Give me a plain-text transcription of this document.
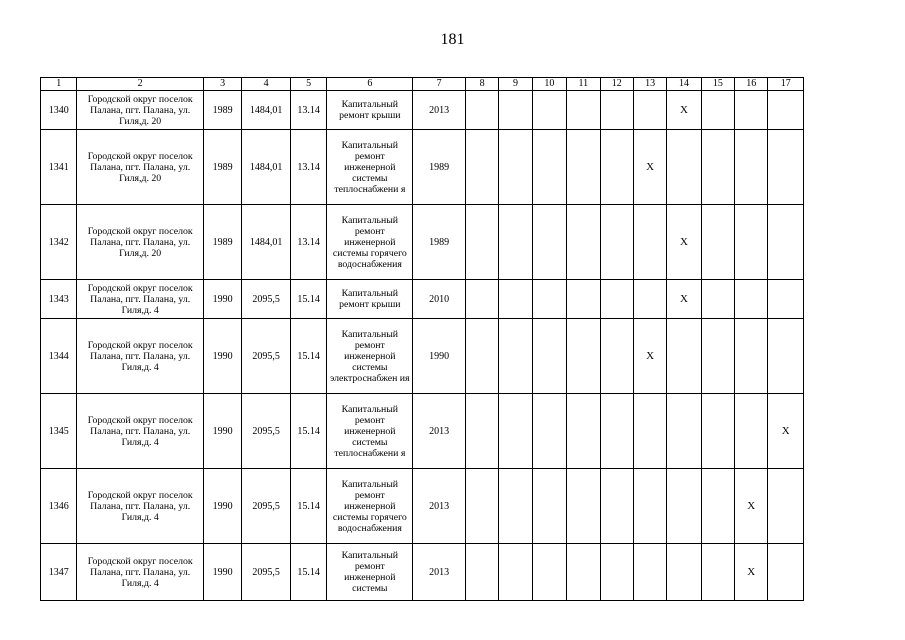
181
1	2	3	4	5	6	7	8	9	10	11	12	13	14	15	16	17
1340	Городской округ поселок Палана, пгт. Палана, ул. Гиля,д. 20	1989	1484,01	13.14	Капитальный ремонт крыши	2013							Х			
1341	Городской округ поселок Палана, пгт. Палана, ул. Гиля,д. 20	1989	1484,01	13.14	Капитальный ремонт инженерной системы теплоснабжени я	1989						Х				
1342	Городской округ поселок Палана, пгт. Палана, ул. Гиля,д. 20	1989	1484,01	13.14	Капитальный ремонт инженерной системы горячего водоснабжения	1989							Х			
1343	Городской округ поселок Палана, пгт. Палана, ул. Гиля,д. 4	1990	2095,5	15.14	Капитальный ремонт крыши	2010							Х			
1344	Городской округ поселок Палана, пгт. Палана, ул. Гиля,д. 4	1990	2095,5	15.14	Капитальный ремонт инженерной системы электроснабжен ия	1990						Х				
1345	Городской округ поселок Палана, пгт. Палана, ул. Гиля,д. 4	1990	2095,5	15.14	Капитальный ремонт инженерной системы теплоснабжени я	2013										Х
1346	Городской округ поселок Палана, пгт. Палана, ул. Гиля,д. 4	1990	2095,5	15.14	Капитальный ремонт инженерной системы горячего водоснабжения	2013									Х	
1347	Городской округ поселок Палана, пгт. Палана, ул. Гиля,д. 4	1990	2095,5	15.14	Капитальный ремонт инженерной системы	2013									Х	
